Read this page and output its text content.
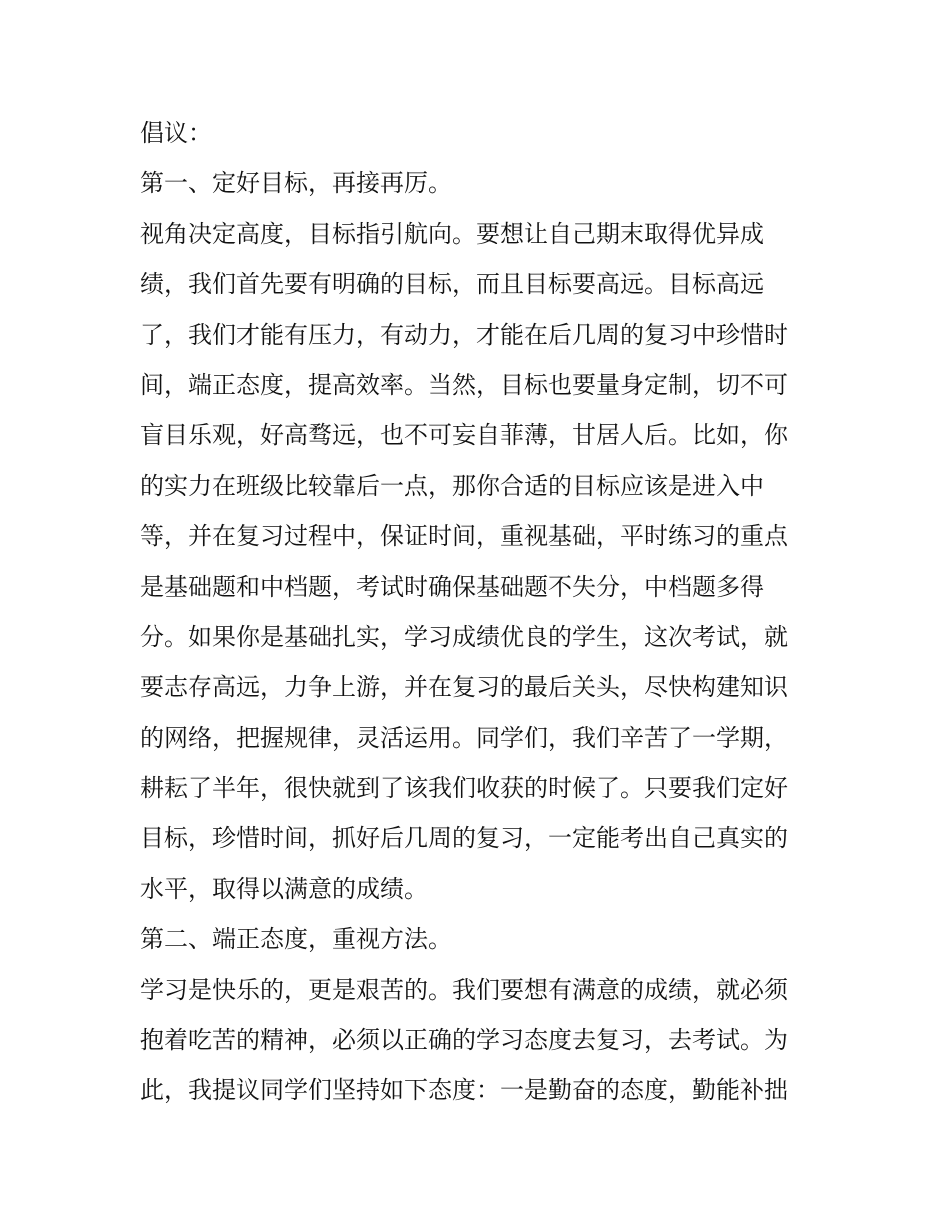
倡议：
第一、定好目标，再接再厉。
视角决定高度，目标指引航向。要想让自己期末取得优异成
绩，我们首先要有明确的目标，而且目标要高远。目标高远
了，我们才能有压力，有动力，才能在后几周的复习中珍惜时
间，端正态度，提高效率。当然，目标也要量身定制，切不可
盲目乐观，好高骛远，也不可妄自菲薄，甘居人后。比如，你
的实力在班级比较靠后一点，那你合适的目标应该是进入中
等，并在复习过程中，保证时间，重视基础，平时练习的重点
是基础题和中档题，考试时确保基础题不失分，中档题多得
分。如果你是基础扎实，学习成绩优良的学生，这次考试，就
要志存高远，力争上游，并在复习的最后关头，尽快构建知识
的网络，把握规律，灵活运用。同学们，我们辛苦了一学期，
耕耘了半年，很快就到了该我们收获的时候了。只要我们定好
目标，珍惜时间，抓好后几周的复习，一定能考出自己真实的
水平，取得以满意的成绩。
第二、端正态度，重视方法。
学习是快乐的，更是艰苦的。我们要想有满意的成绩，就必须
抱着吃苦的精神，必须以正确的学习态度去复习，去考试。为
此，我提议同学们坚持如下态度：一是勤奋的态度，勤能补拙
